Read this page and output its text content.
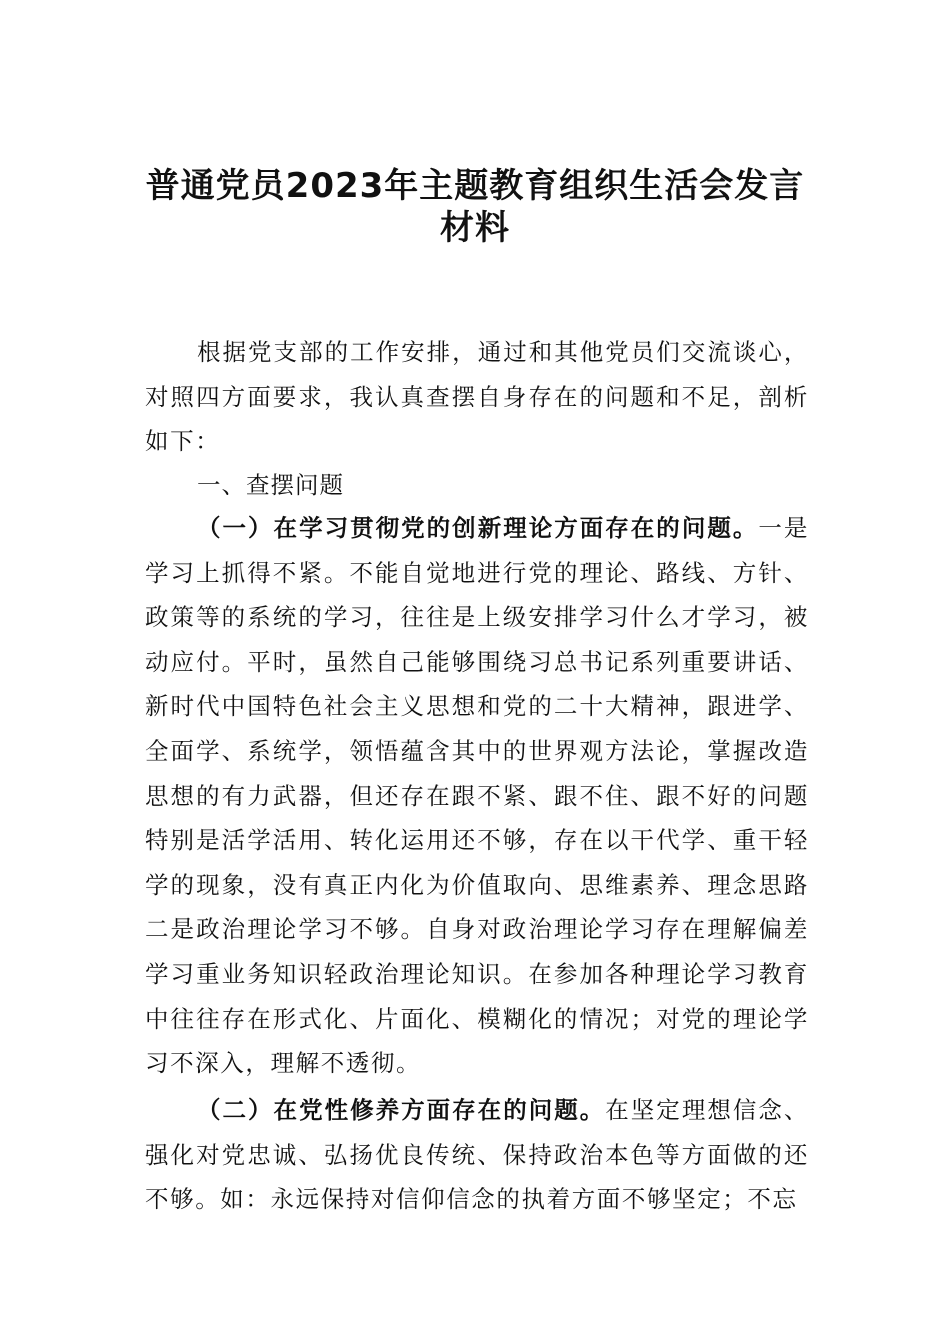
普通党员2023年主题教育组织生活会发言
材料

根据党支部的工作安排，通过和其他党员们交流谈心，对照四方面要求，我认真查摆自身存在的问题和不足，剖析如下：

一、查摆问题

（一）在学习贯彻党的创新理论方面存在的问题。一是学习上抓得不紧。不能自觉地进行党的理论、路线、方针、政策等的系统的学习，往往是上级安排学习什么才学习，被动应付。平时，虽然自己能够围绕习总书记系列重要讲话、新时代中国特色社会主义思想和党的二十大精神，跟进学、全面学、系统学，领悟蕴含其中的世界观方法论，掌握改造思想的有力武器，但还存在跟不紧、跟不住、跟不好的问题特别是活学活用、转化运用还不够，存在以干代学、重干轻学的现象，没有真正内化为价值取向、思维素养、理念思路二是政治理论学习不够。自身对政治理论学习存在理解偏差学习重业务知识轻政治理论知识。在参加各种理论学习教育中往往存在形式化、片面化、模糊化的情况；对党的理论学习不深入，理解不透彻。

（二）在党性修养方面存在的问题。在坚定理想信念、强化对党忠诚、弘扬优良传统、保持政治本色等方面做的还不够。如：永远保持对信仰信念的执着方面不够坚定；不忘
